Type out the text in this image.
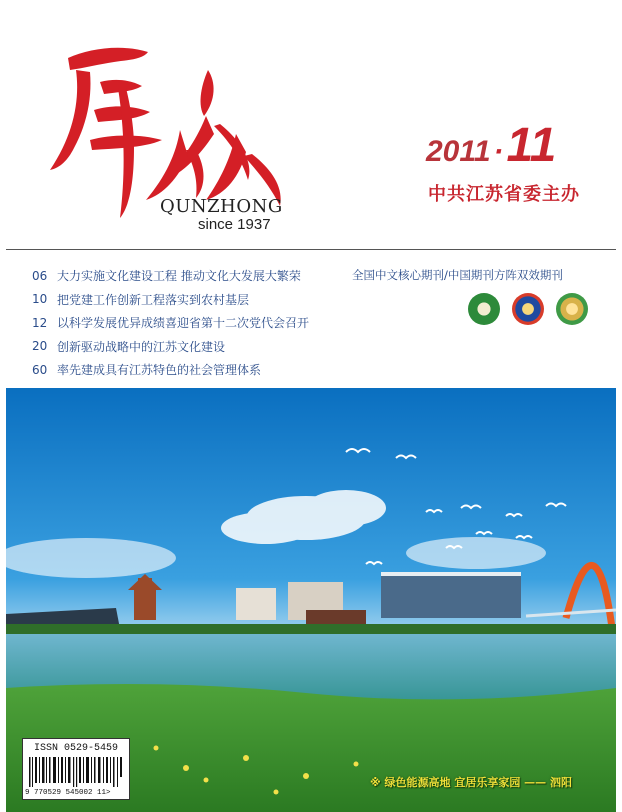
QUNZHONG
since 1937
2011 ·11
中共江苏省委主办
06 大力实施文化建设工程 推动文化大发展大繁荣
10 把党建工作创新工程落实到农村基层
12 以科学发展优异成绩喜迎省第十二次党代会召开
20 创新驱动战略中的江苏文化建设
60 率先建成具有江苏特色的社会管理体系
全国中文核心期刊/中国期刊方阵双效期刊
ISSN 0529-5459
9 770529 545002 11>
※ 绿色能源高地 宜居乐享家园 —— 泗阳
